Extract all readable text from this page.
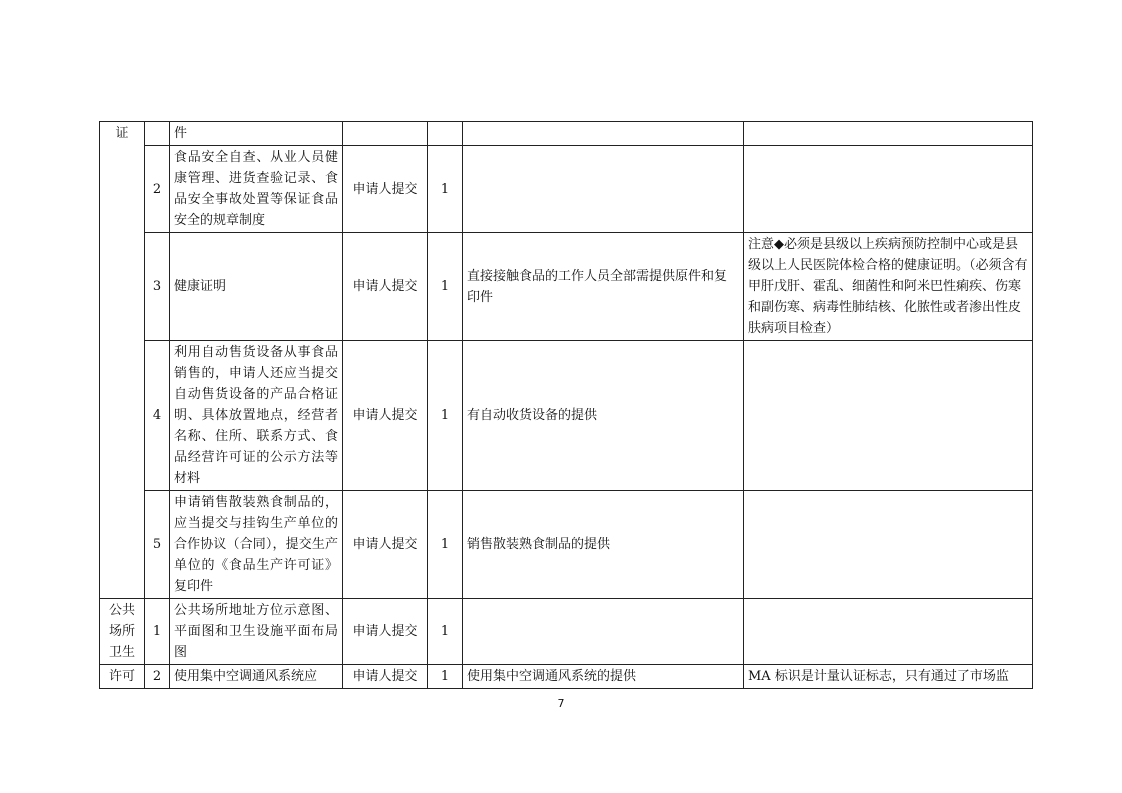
证		件				
	2	食品安全自查、从业人员健康管理、进货查验记录、食品安全事故处置等保证食品安全的规章制度	申请人提交	1		
	3	健康证明	申请人提交	1	直接接触食品的工作人员全部需提供原件和复印件	注意◆必须是县级以上疾病预防控制中心或是县级以上人民医院体检合格的健康证明。（必须含有甲肝戊肝、霍乱、细菌性和阿米巴性痢疾、伤寒和副伤寒、病毒性肺结核、化脓性或者渗出性皮肤病项目检查）
	4	利用自动售货设备从事食品销售的，申请人还应当提交自动售货设备的产品合格证明、具体放置地点，经营者名称、住所、联系方式、食品经营许可证的公示方法等材料	申请人提交	1	有自动收货设备的提供	
	5	申请销售散装熟食制品的，应当提交与挂钩生产单位的合作协议（合同），提交生产单位的《食品生产许可证》复印件	申请人提交	1	销售散装熟食制品的提供	
公共场所卫生	1	公共场所地址方位示意图、平面图和卫生设施平面布局图	申请人提交	1		
许可	2	使用集中空调通风系统应	申请人提交	1	使用集中空调通风系统的提供	MA 标识是计量认证标志，只有通过了市场监
7
